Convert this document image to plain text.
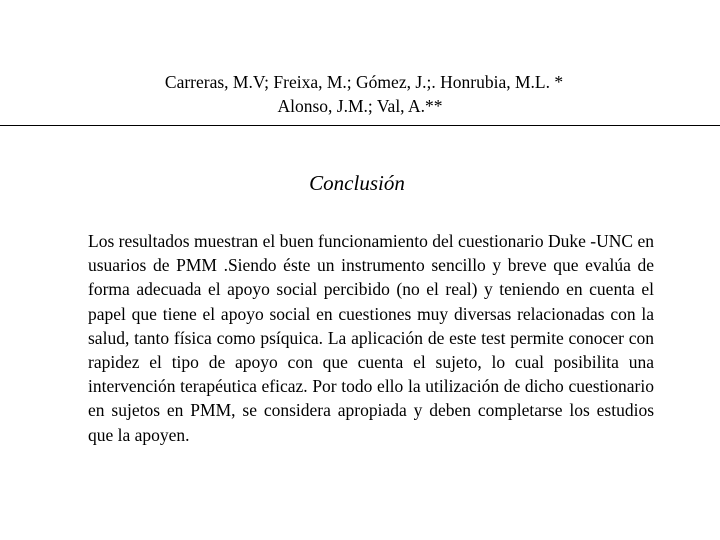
Carreras, M.V; Freixa, M.; Gómez, J.;. Honrubia, M.L. *
Alonso, J.M.; Val, A.**
Conclusión
Los resultados muestran el buen funcionamiento del cuestionario Duke -UNC en usuarios de PMM .Siendo éste un instrumento sencillo y breve que evalúa de forma adecuada el apoyo social percibido (no el real) y teniendo en cuenta el papel que tiene el apoyo social en cuestiones muy diversas relacionadas con la salud, tanto física como psíquica. La aplicación de este test permite conocer con rapidez el tipo de apoyo con que cuenta el sujeto, lo cual posibilita una intervención terapéutica eficaz. Por todo ello la utilización de dicho cuestionario en sujetos en PMM, se considera apropiada y deben completarse los estudios que la apoyen.
